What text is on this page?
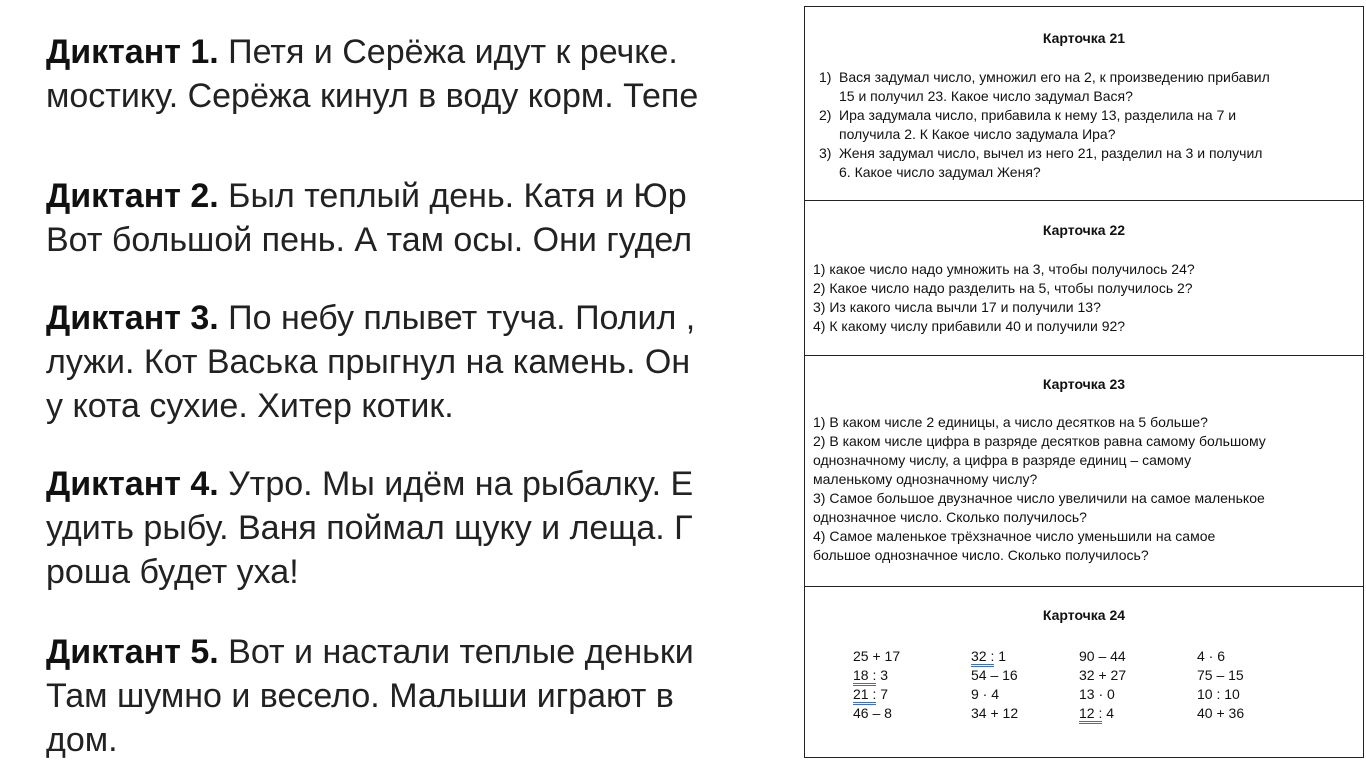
Диктант 1. Петя и Серёжа идут к речке.
мостику. Серёжа кинул в воду корм. Тепе
Диктант 2. Был теплый день. Катя и Юр
Вот большой пень. А там осы. Они гудел
Диктант 3. По небу плывет туча. Полил ,
лужи. Кот Васька прыгнул на камень. Он
у кота сухие. Хитер котик.
Диктант 4. Утро. Мы идём на рыбалку. Е
удить рыбу. Ваня поймал щуку и леща. Г
роша будет уха!
Диктант 5. Вот и настали теплые деньки
Там шумно и весело. Малыши играют в
дом.
Карточка 21
1) Вася задумал число, умножил его на 2, к произведению прибавил
15 и получил 23. Какое число задумал Вася?
2) Ира задумала число, прибавила к нему 13, разделила на 7 и
получила 2. К Какое число задумала Ира?
3) Женя задумал число, вычел из него 21, разделил на 3 и получил
6. Какое число задумал Женя?
Карточка 22
1) какое число надо умножить на 3, чтобы получилось 24?
2) Какое число надо разделить на 5, чтобы получилось 2?
3) Из какого числа вычли 17 и получили 13?
4) К какому числу прибавили 40 и получили 92?
Карточка 23
1) В каком числе 2 единицы, а число десятков на 5 больше?
2) В каком числе цифра в разряде десятков равна самому большому
однозначному числу, а цифра в разряде единиц – самому
маленькому однозначному числу?
3) Самое большое двузначное число увеличили на самое маленькое
однозначное число. Сколько получилось?
4) Самое маленькое трёхзначное число уменьшили на самое
большое однозначное число. Сколько получилось?
Карточка 24
25 + 17	32 : 1	90 – 44	4 · 6
18 : 3	54 – 16	32 + 27	75 – 15
21 : 7	9 · 4	13 · 0	10 : 10
46 – 8	34 + 12	12 : 4	40 + 36
